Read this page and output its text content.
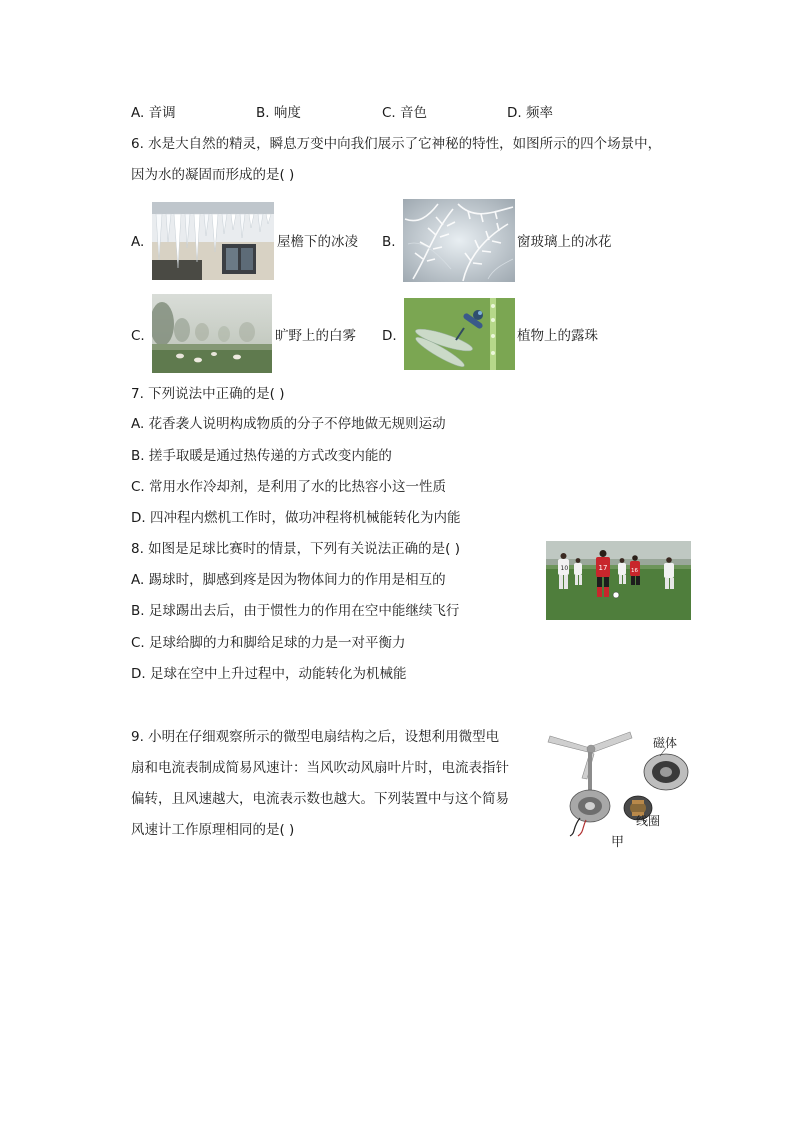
A. 音调	B. 响度	C. 音色	D. 频率
6. 水是大自然的精灵，瞬息万变中向我们展示了它神秘的特性，如图所示的四个场景中，
因为水的凝固而形成的是( )
A.	屋檐下的冰凌 B.	窗玻璃上的冰花
C.	旷野上的白雾 D.	植物上的露珠
7. 下列说法中正确的是( )
A. 花香袭人说明构成物质的分子不停地做无规则运动
B. 搓手取暖是通过热传递的方式改变内能的
C. 常用水作冷却剂，是利用了水的比热容小这一性质
D. 四冲程内燃机工作时，做功冲程将机械能转化为内能
8. 如图是足球比赛时的情景，下列有关说法正确的是( )
A. 踢球时，脚感到疼是因为物体间力的作用是相互的
B. 足球踢出去后，由于惯性力的作用在空中能继续飞行
C. 足球给脚的力和脚给足球的力是一对平衡力
D. 足球在空中上升过程中，动能转化为机械能
10	17	16
9. 小明在仔细观察所示的微型电扇结构之后，设想利用微型电
扇和电流表制成简易风速计：当风吹动风扇叶片时，电流表指针
偏转，且风速越大，电流表示数也越大。下列装置中与这个简易
风速计工作原理相同的是( )
磁体
线圈
甲
